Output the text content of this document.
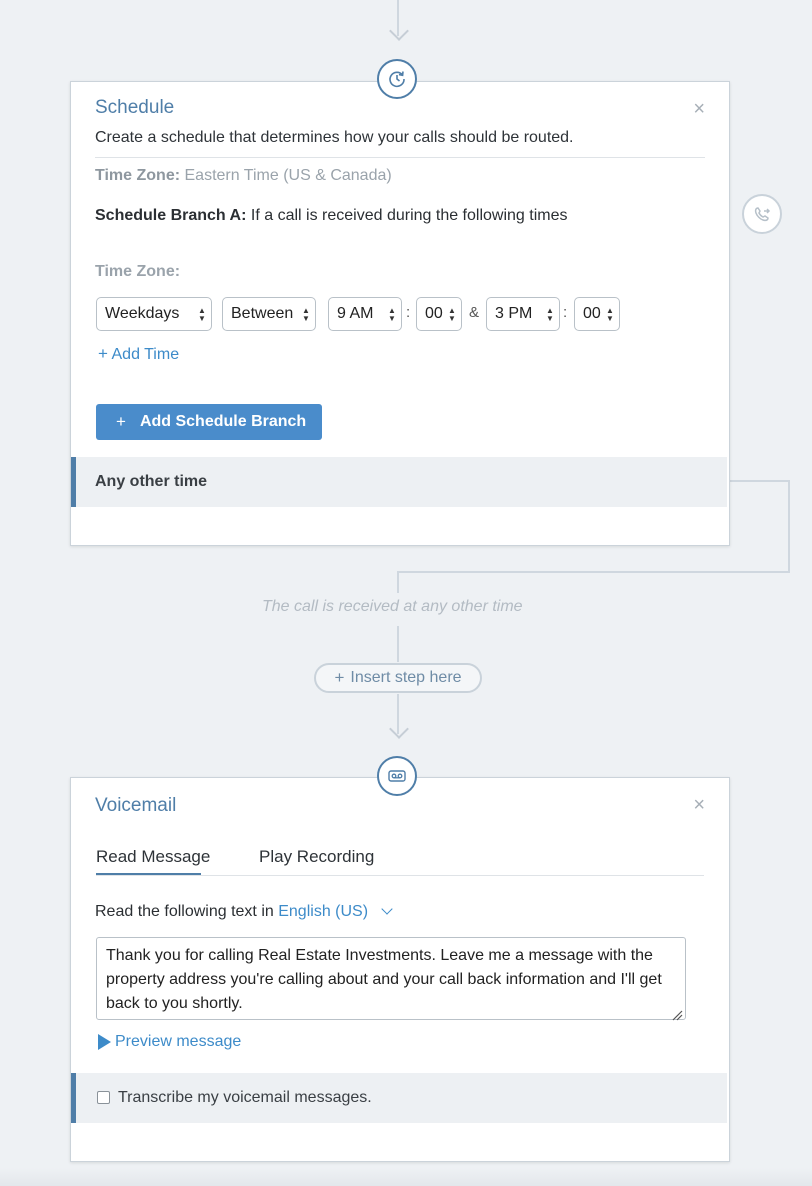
The call is received at any other time
+ Insert step here
Schedule	×
Create a schedule that determines how your calls should be routed.
Time Zone: Eastern Time (US & Canada)
Schedule Branch A: If a call is received during the following times
Time Zone:
Weekdays ▲
▼	Between ▲
▼	9 AM ▲
▼ : 00 ▲
▼ & 3 PM ▲
▼ : 00 ▲
▼
+ Add Time
+ Add Schedule Branch
Any other time
Voicemail	×
Read Message	Play Recording
Read the following text in English (US)
Thank you for calling Real Estate Investments. Leave me a message with the property address you're calling about and your call back information and I'll get back to you shortly.
Preview message
Transcribe my voicemail messages.
